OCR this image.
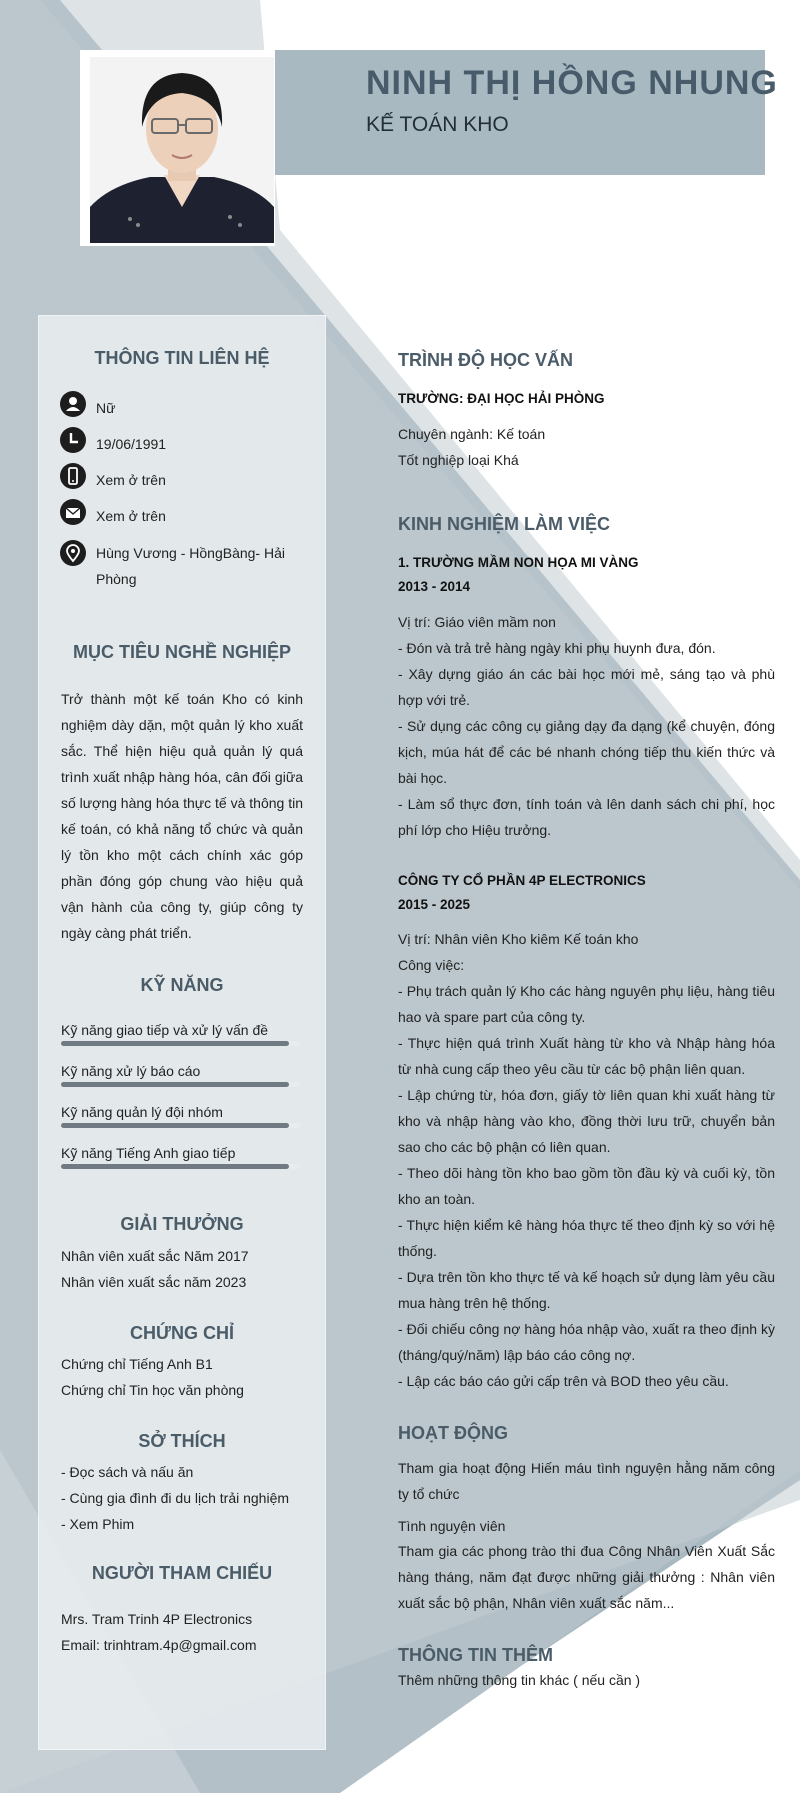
NINH THỊ HỒNG NHUNG
KẾ TOÁN KHO
THÔNG TIN LIÊN HỆ
Nữ
19/06/1991
Xem ở trên
Xem ở trên
Hùng Vương - HồngBàng- Hải Phòng
MỤC TIÊU NGHỀ NGHIỆP
Trở thành một kế toán Kho có kinh nghiệm dày dặn, một quản lý kho xuất sắc. Thể hiện hiệu quả quản lý quá trình xuất nhập hàng hóa, cân đối giữa số lượng hàng hóa thực tế và thông tin kế toán, có khả năng tổ chức và quản lý tồn kho một cách chính xác góp phần đóng góp chung vào hiệu quả vận hành của công ty, giúp công ty ngày càng phát triển.
KỸ NĂNG
Kỹ năng giao tiếp và xử lý vấn đề
Kỹ năng xử lý báo cáo
Kỹ năng quản lý đội nhóm
Kỹ năng Tiếng Anh giao tiếp
GIẢI THƯỞNG
Nhân viên xuất sắc Năm 2017
Nhân viên xuất sắc năm 2023
CHỨNG CHỈ
Chứng chỉ Tiếng Anh B1
Chứng chỉ Tin học văn phòng
SỞ THÍCH
- Đọc sách và nấu ăn
- Cùng gia đình đi du lịch trải nghiệm
- Xem Phim
NGƯỜI THAM CHIẾU
Mrs. Tram Trinh 4P Electronics
Email: trinhtram.4p@gmail.com
TRÌNH ĐỘ HỌC VẤN
TRƯỜNG: ĐẠI HỌC HẢI PHÒNG
Chuyên ngành: Kế toán
Tốt nghiệp loại Khá
KINH NGHIỆM LÀM VIỆC
1. TRƯỜNG MẦM NON HỌA MI VÀNG
2013 - 2014
Vị trí: Giáo viên mầm non
- Đón và trả trẻ hàng ngày khi phụ huynh đưa, đón.
- Xây dựng giáo án các bài học mới mẻ, sáng tạo và phù hợp với trẻ.
- Sử dụng các công cụ giảng dạy đa dạng (kể chuyện, đóng kịch, múa hát để các bé nhanh chóng tiếp thu kiến thức và bài học.
- Làm sổ thực đơn, tính toán và lên danh sách chi phí, học phí lớp cho Hiệu trưởng.
CÔNG TY CỔ PHẦN 4P ELECTRONICS
2015 - 2025
Vị trí: Nhân viên Kho kiêm Kế toán kho
Công việc:
- Phụ trách quản lý Kho các hàng nguyên phụ liệu, hàng tiêu hao và spare part của công ty.
- Thực hiện quá trình Xuất hàng từ kho và Nhập hàng hóa từ nhà cung cấp theo yêu cầu từ các bộ phận liên quan.
- Lập chứng từ, hóa đơn, giấy tờ liên quan khi xuất hàng từ kho và nhập hàng vào kho, đồng thời lưu trữ, chuyển bản sao cho các bộ phận có liên quan.
- Theo dõi hàng tồn kho bao gồm tồn đầu kỳ và cuối kỳ, tồn kho an toàn.
- Thực hiện kiểm kê hàng hóa thực tế theo định kỳ so với hệ thống.
- Dựa trên tồn kho thực tế và kế hoạch sử dụng làm yêu cầu mua hàng trên hệ thống.
- Đối chiếu công nợ hàng hóa nhập vào, xuất ra theo định kỳ (tháng/quý/năm) lập báo cáo công nợ.
- Lập các báo cáo gửi cấp trên và BOD theo yêu cầu.
HOẠT ĐỘNG
Tham gia hoạt động Hiến máu tình nguyện hằng năm công ty tổ chức
Tình nguyện viên
Tham gia các phong trào thi đua Công Nhân Viên Xuất Sắc hàng tháng, năm đạt được những giải thưởng : Nhân viên xuất sắc bộ phận, Nhân viên xuất sắc năm...
THÔNG TIN THÊM
Thêm những thông tin khác ( nếu cần )
